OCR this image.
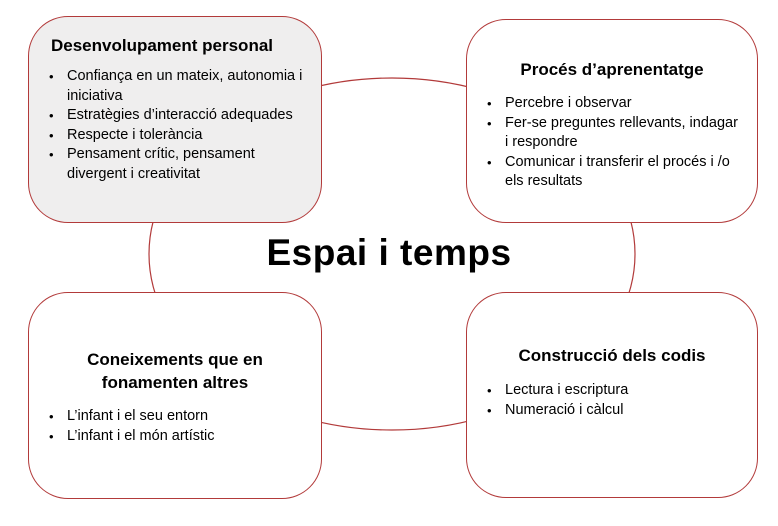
Espai i temps
Desenvolupament personal
• Confiança en un mateix, autonomia i iniciativa
• Estratègies d’interacció adequades
• Respecte i tolerància
• Pensament crític, pensament divergent i creativitat
Procés d’aprenentatge
• Percebre i observar
• Fer-se preguntes rellevants, indagar i respondre
• Comunicar i transferir el procés i /o els resultats
Coneixements que en fonamenten altres
• L’infant i el seu entorn
• L’infant i el món artístic
Construcció dels codis
• Lectura i escriptura
• Numeració i càlcul
